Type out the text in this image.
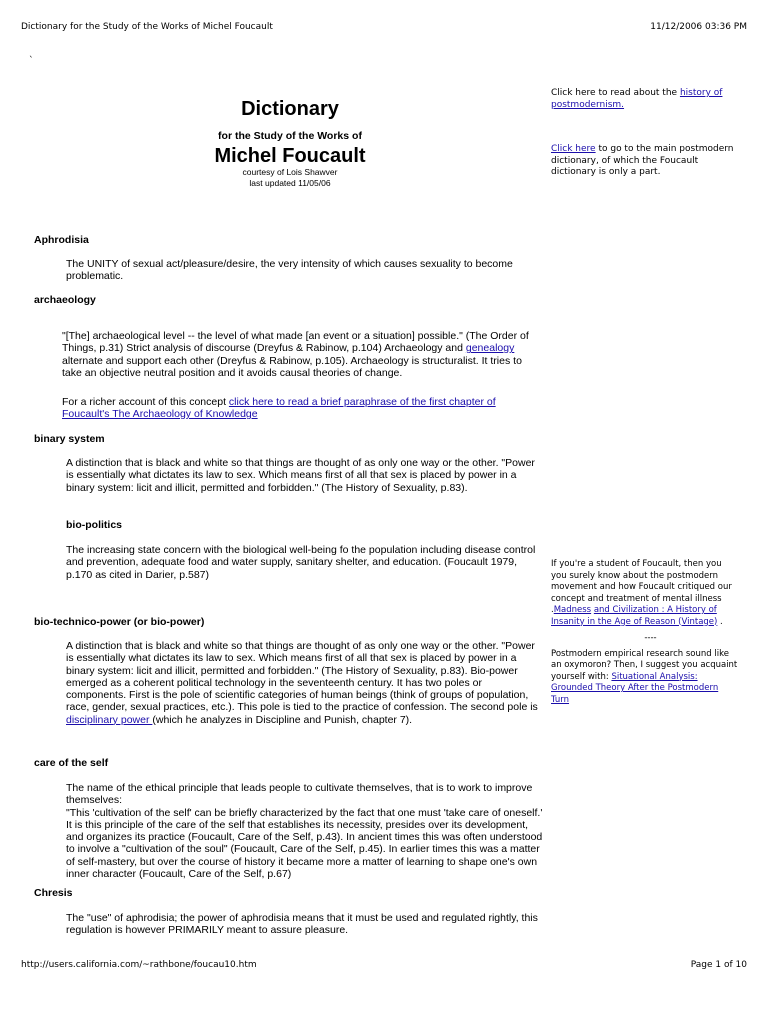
Dictionary for the Study of the Works of Michel Foucault	11/12/2006 03:36 PM
`
Dictionary
for the Study of the Works of
Michel Foucault
courtesy of Lois Shawver
last updated 11/05/06
Click here to read about the history of postmodernism.
Click here to go to the main postmodern dictionary, of which the Foucault dictionary is only a part.
If you're a student of Foucault, then you you surely know about the postmodern movement and how Foucault critiqued our concept and treatment of mental illness .Madness and Civilization : A History of Insanity in the Age of Reason (Vintage) .
----
Postmodern empirical research sound like an oxymoron? Then, I suggest you acquaint yourself with: Situational Analysis: Grounded Theory After the Postmodern Turn
Aphrodisia
The UNITY of sexual act/pleasure/desire, the very intensity of which causes sexuality to become problematic.
archaeology
"[The] archaeological level -- the level of what made [an event or a situation] possible." (The Order of Things, p.31) Strict analysis of discourse (Dreyfus & Rabinow, p.104) Archaeology and genealogy alternate and support each other (Dreyfus & Rabinow, p.105). Archaeology is structuralist. It tries to take an objective neutral position and it avoids causal theories of change.
For a richer account of this concept click here to read a brief paraphrase of the first chapter of Foucault's The Archaeology of Knowledge
binary system
A distinction that is black and white so that things are thought of as only one way or the other. "Power is essentially what dictates its law to sex. Which means first of all that sex is placed by power in a binary system: licit and illicit, permitted and forbidden." (The History of Sexuality, p.83).
bio-politics
The increasing state concern with the biological well-being fo the population including disease control and prevention, adequate food and water supply, sanitary shelter, and education. (Foucault 1979, p.170 as cited in Darier, p.587)
bio-technico-power (or bio-power)
A distinction that is black and white so that things are thought of as only one way or the other. "Power is essentially what dictates its law to sex. Which means first of all that sex is placed by power in a binary system: licit and illicit, permitted and forbidden." (The History of Sexuality, p.83). Bio-power emerged as a coherent political technology in the seventeenth century. It has two poles or components. First is the pole of scientific categories of human beings (think of groups of population, race, gender, sexual practices, etc.). This pole is tied to the practice of confession. The second pole is disciplinary power (which he analyzes in Discipline and Punish, chapter 7).
care of the self
The name of the ethical principle that leads people to cultivate themselves, that is to work to improve themselves:
"This 'cultivation of the self' can be briefly characterized by the fact that one must 'take care of oneself.' It is this principle of the care of the self that establishes its necessity, presides over its development, and organizes its practice (Foucault, Care of the Self, p.43). In ancient times this was often understood to involve a "cultivation of the soul" (Foucault, Care of the Self, p.45). In earlier times this was a matter of self-mastery, but over the course of history it became more a matter of learning to shape one's own inner character (Foucault, Care of the Self, p.67)
Chresis
The "use" of aphrodisia; the power of aphrodisia means that it must be used and regulated rightly, this regulation is however PRIMARILY meant to assure pleasure.
http://users.california.com/~rathbone/foucau10.htm	Page 1 of 10
